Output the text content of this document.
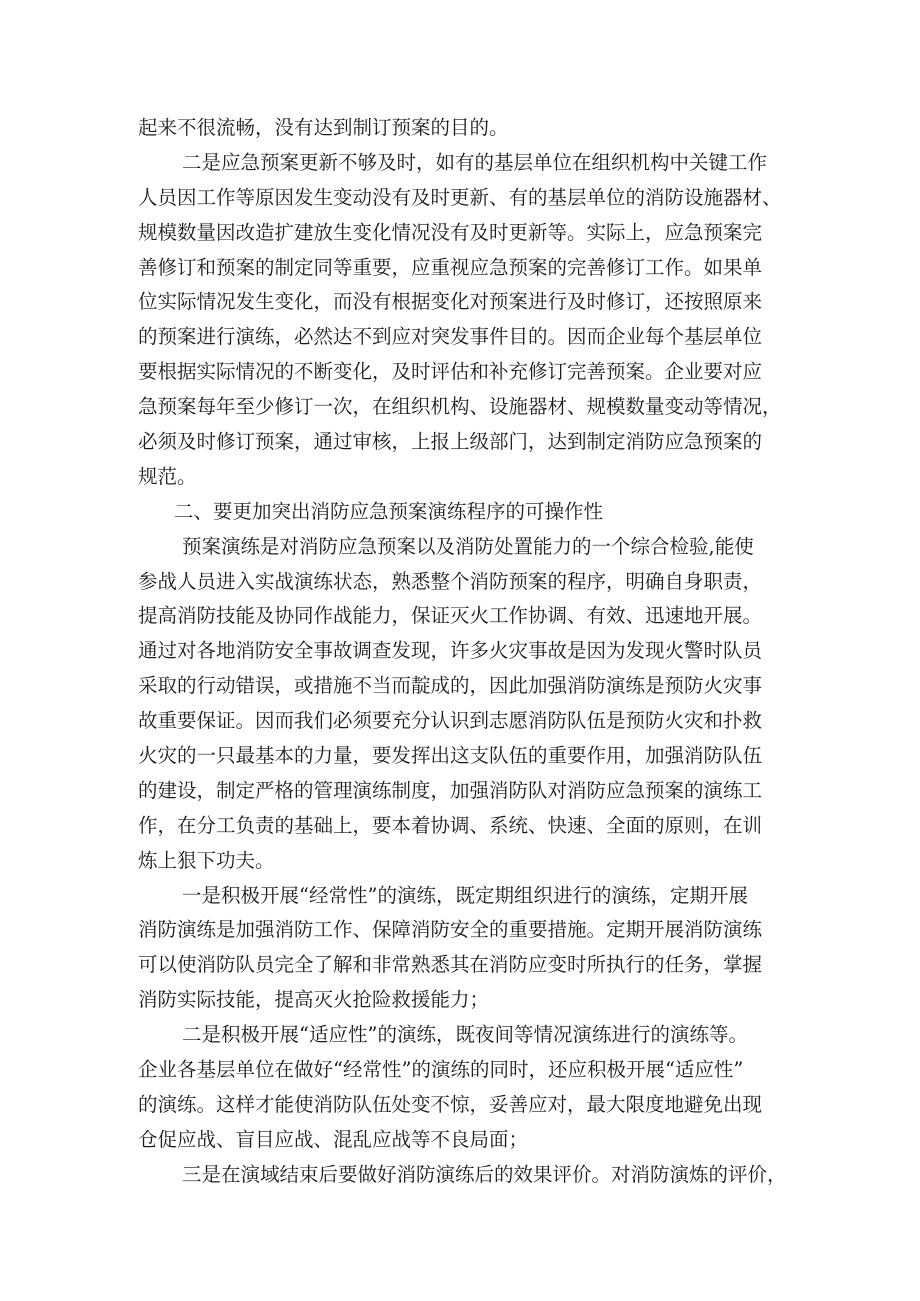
起来不很流畅，没有达到制订预案的目的。
二是应急预案更新不够及时，如有的基层单位在组织机构中关键工作
人员因工作等原因发生变动没有及时更新、有的基层单位的消防设施器材、
规模数量因改造扩建放生变化情况没有及时更新等。实际上，应急预案完
善修订和预案的制定同等重要，应重视应急预案的完善修订工作。如果单
位实际情况发生变化，而没有根据变化对预案进行及时修订，还按照原来
的预案进行演练，必然达不到应对突发事件目的。因而企业每个基层单位
要根据实际情况的不断变化，及时评估和补充修订完善预案。企业要对应
急预案每年至少修订一次，在组织机构、设施器材、规模数量变动等情况，
必须及时修订预案，通过审核，上报上级部门，达到制定消防应急预案的
规范。
二、要更加突出消防应急预案演练程序的可操作性
预案演练是对消防应急预案以及消防处置能力的一个综合检验,能使
参战人员进入实战演练状态，熟悉整个消防预案的程序，明确自身职责，
提高消防技能及协同作战能力，保证灭火工作协调、有效、迅速地开展。
通过对各地消防安全事故调查发现，许多火灾事故是因为发现火警时队员
采取的行动错误，或措施不当而靛成的，因此加强消防演练是预防火灾事
故重要保证。因而我们必须要充分认识到志愿消防队伍是预防火灾和扑救
火灾的一只最基本的力量，要发挥出这支队伍的重要作用，加强消防队伍
的建设，制定严格的管理演练制度，加强消防队对消防应急预案的演练工
作，在分工负责的基础上，要本着协调、系统、快速、全面的原则，在训
炼上狠下功夫。
一是积极开展“经常性”的演练，既定期组织进行的演练，定期开展
消防演练是加强消防工作、保障消防安全的重要措施。定期开展消防演练
可以使消防队员完全了解和非常熟悉其在消防应变时所执行的任务，掌握
消防实际技能，提高灭火抢险救援能力；
二是积极开展“适应性”的演练，既夜间等情况演练进行的演练等。
企业各基层单位在做好“经常性”的演练的同时，还应积极开展“适应性”
的演练。这样才能使消防队伍处变不惊，妥善应对，最大限度地避免出现
仓促应战、盲目应战、混乱应战等不良局面；
三是在演域结束后要做好消防演练后的效果评价。对消防演炼的评价，
